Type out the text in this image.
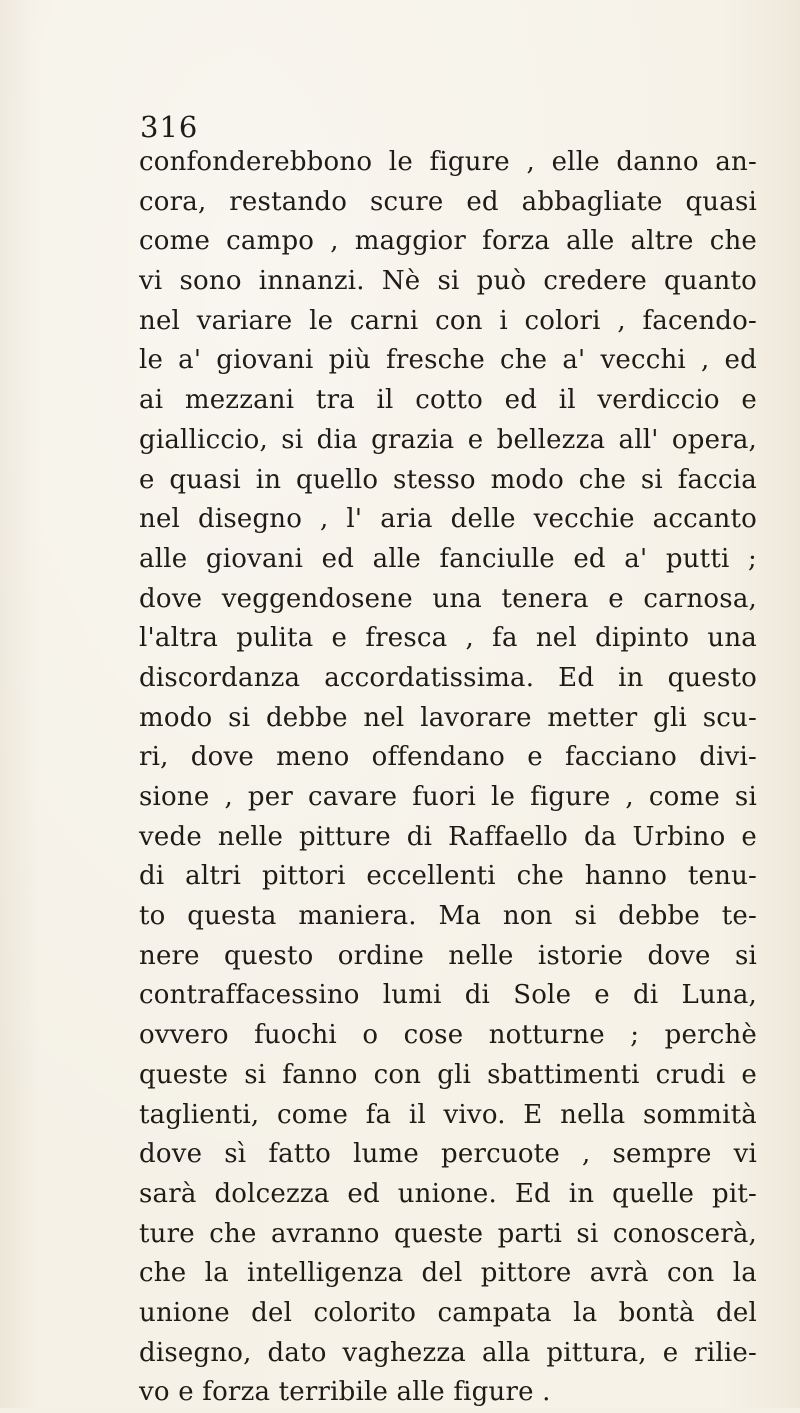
316
confonderebbono le figure , elle danno an-
cora, restando scure ed abbagliate quasi
come campo , maggior forza alle altre che
vi sono innanzi. Nè si può credere quanto
nel variare le carni con i colori , facendo-
le a' giovani più fresche che a' vecchi , ed
ai mezzani tra il cotto ed il verdiccio e
gialliccio, si dia grazia e bellezza all' opera,
e quasi in quello stesso modo che si faccia
nel disegno , l' aria delle vecchie accanto
alle giovani ed alle fanciulle ed a' putti ;
dove veggendosene una tenera e carnosa,
l'altra pulita e fresca , fa nel dipinto una
discordanza accordatissima. Ed in questo
modo si debbe nel lavorare metter gli scu-
ri, dove meno offendano e facciano divi-
sione , per cavare fuori le figure , come si
vede nelle pitture di Raffaello da Urbino e
di altri pittori eccellenti che hanno tenu-
to questa maniera. Ma non si debbe te-
nere questo ordine nelle istorie dove si
contraffacessino lumi di Sole e di Luna,
ovvero fuochi o cose notturne ; perchè
queste si fanno con gli sbattimenti crudi e
taglienti, come fa il vivo. E nella sommità
dove sì fatto lume percuote , sempre vi
sarà dolcezza ed unione. Ed in quelle pit-
ture che avranno queste parti si conoscerà,
che la intelligenza del pittore avrà con la
unione del colorito campata la bontà del
disegno, dato vaghezza alla pittura, e rilie-
vo e forza terribile alle figure .
